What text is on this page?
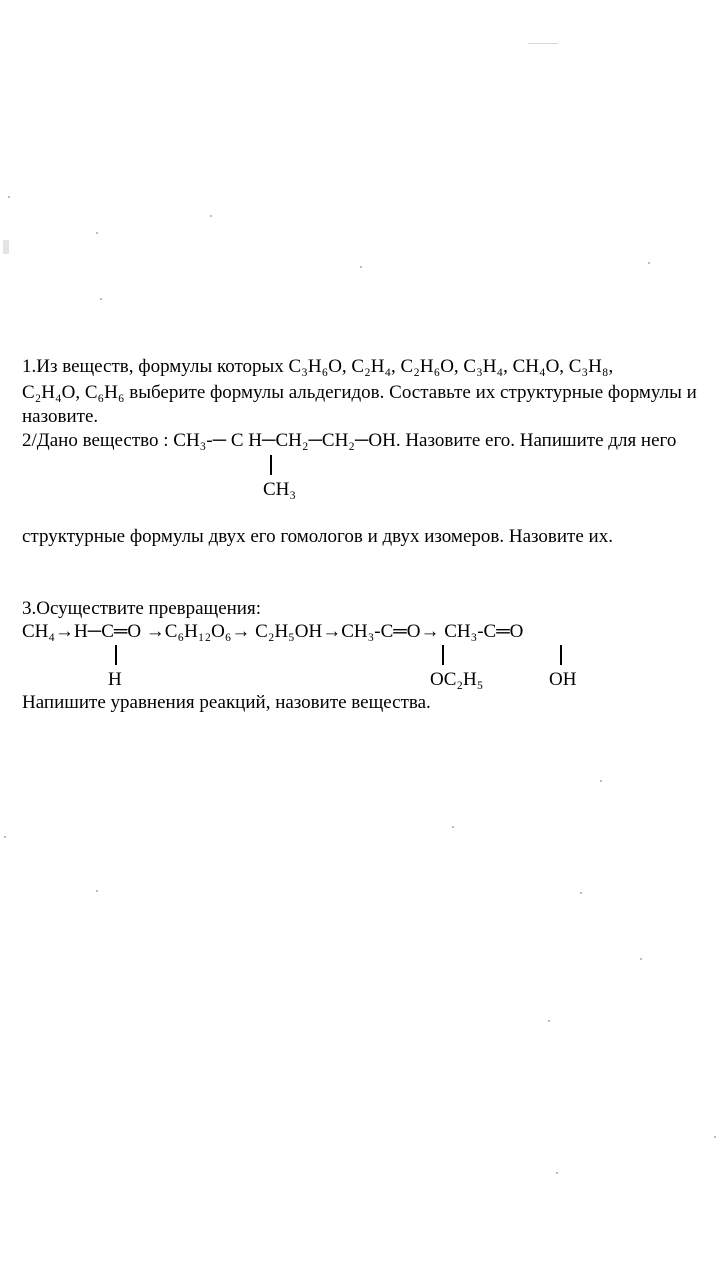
1.Из веществ, формулы которых C₃H₆O, C₂H₄, C₂H₆O, C₃H₄, CH₄O, C₃H₈,
C₂H₄O, C₆H₆ выберите формулы альдегидов. Составьте их структурные формулы и
назовите.
2/Дано вещество : CH₃-─ C H─CH₂─CH₂─OH. Назовите его. Напишите для него
CH₃
структурные формулы двух его гомологов и двух изомеров. Назовите их.
3.Осуществите превращения:
CH₄→H─C═O →C₆H₁₂O₆→ C₂H₅OH→CH₃-C═O→ CH₃-C═O
H	OC₂H₅	OH
Напишите уравнения реакций, назовите вещества.
